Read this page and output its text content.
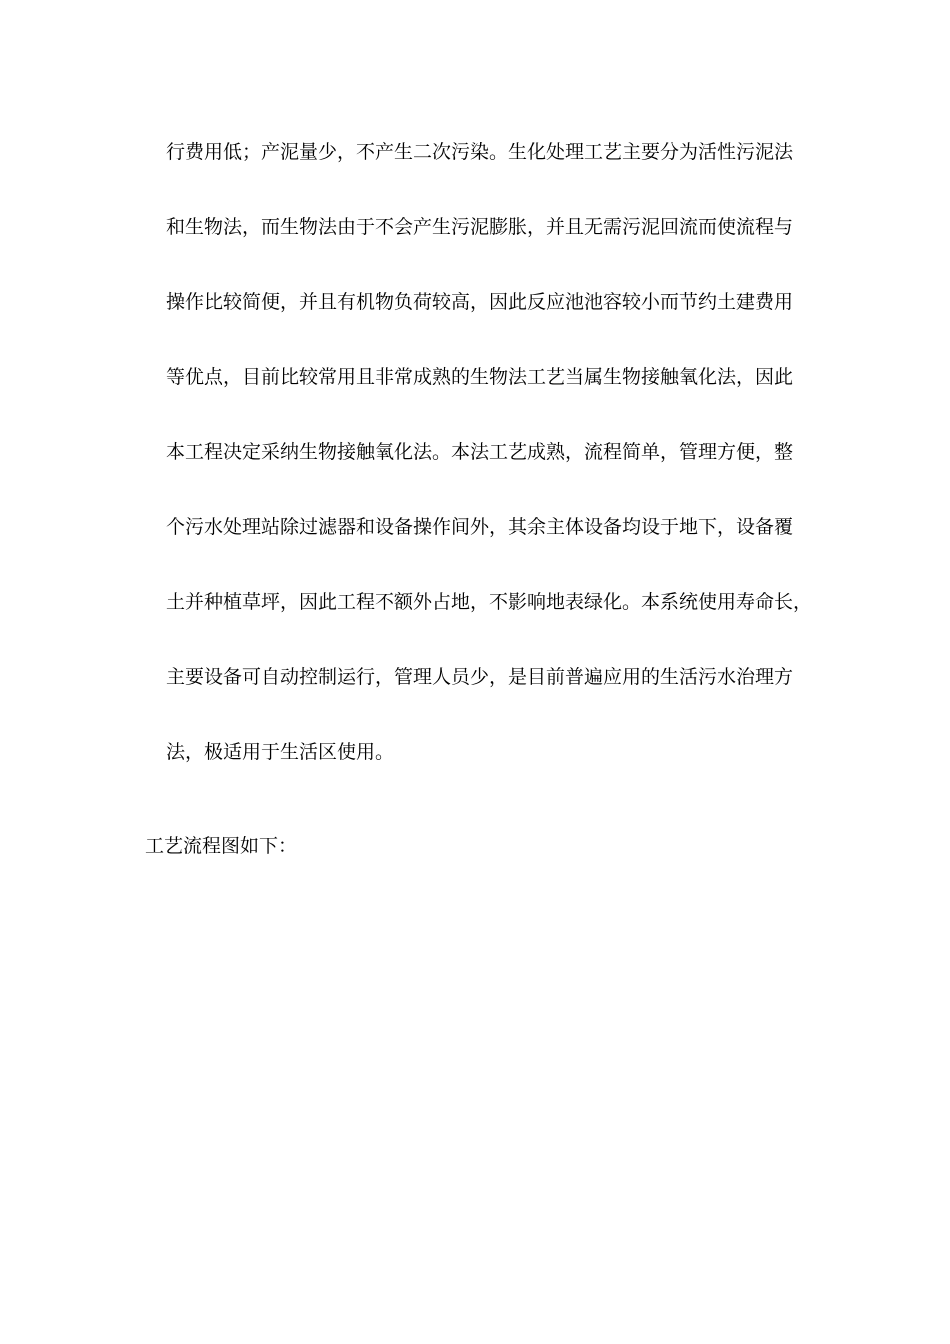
行费用低；产泥量少，不产生二次污染。生化处理工艺主要分为活性污泥法
和生物法，而生物法由于不会产生污泥膨胀，并且无需污泥回流而使流程与
操作比较简便，并且有机物负荷较高，因此反应池池容较小而节约土建费用
等优点，目前比较常用且非常成熟的生物法工艺当属生物接触氧化法，因此
本工程决定采纳生物接触氧化法。本法工艺成熟，流程简单，管理方便，整
个污水处理站除过滤器和设备操作间外，其余主体设备均设于地下，设备覆
土并种植草坪，因此工程不额外占地，不影响地表绿化。本系统使用寿命长，
主要设备可自动控制运行，管理人员少，是目前普遍应用的生活污水治理方
法，极适用于生活区使用。
工艺流程图如下：
